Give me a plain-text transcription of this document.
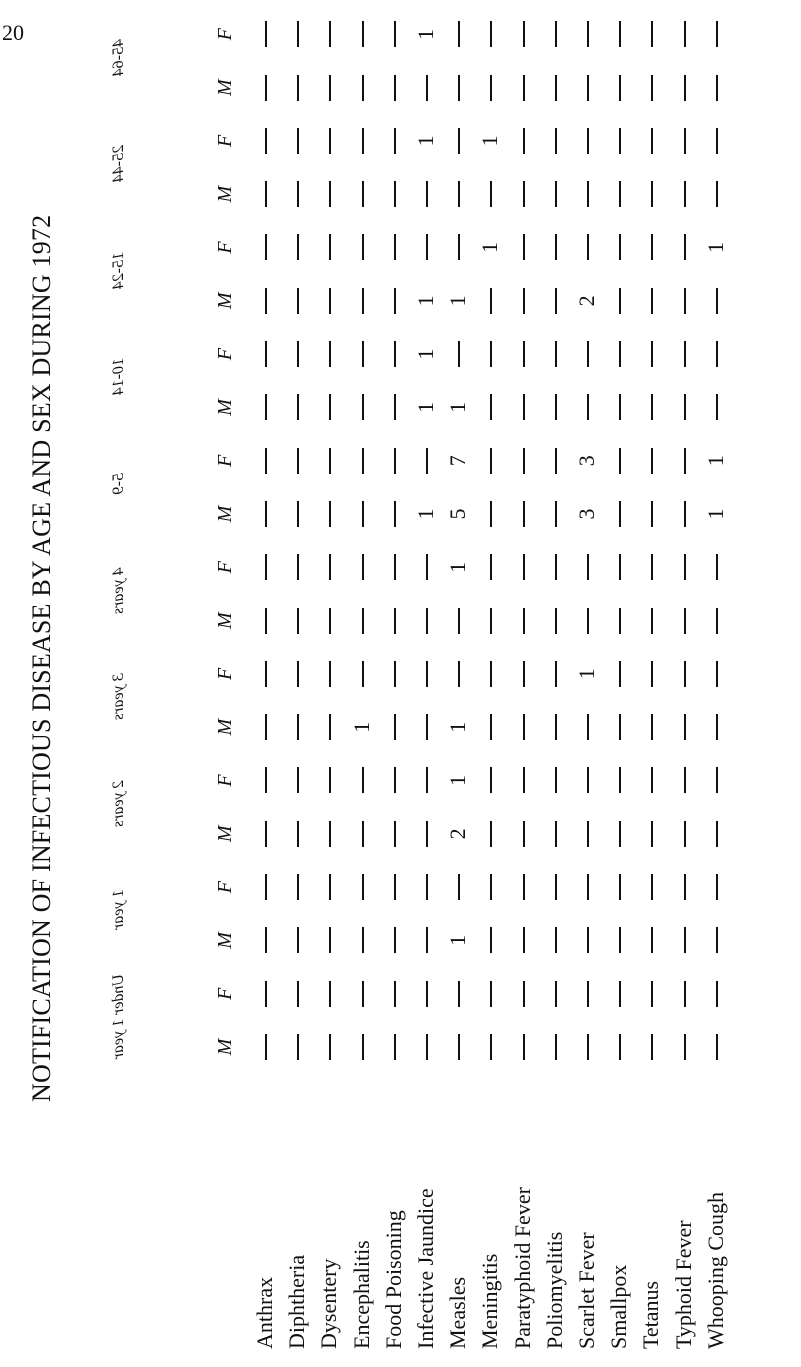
20
NOTIFICATION OF INFECTIOUS DISEASE BY AGE AND SEX DURING 1972	Under 1 year
1 year
2 years
3 years
4 years
5-9
10-14
15-24
25-44
45-64
M
F
M
F
M
F
M
F
M
F
M
F
M
F
M
F
M
F
M
F
Anthrax Diphtheria Dysentery Encephalitis
1
Food Poisoning Infective Jaundice
1
1
1
1
1
1
Measles
1
2
1
1
1
5
7
1
1
Meningitis
1
1
Paratyphoid Fever Poliomyelitis Scarlet Fever
1
3
3
2
Smallpox Tetanus Typhoid Fever Whooping Cough
1
1
1
